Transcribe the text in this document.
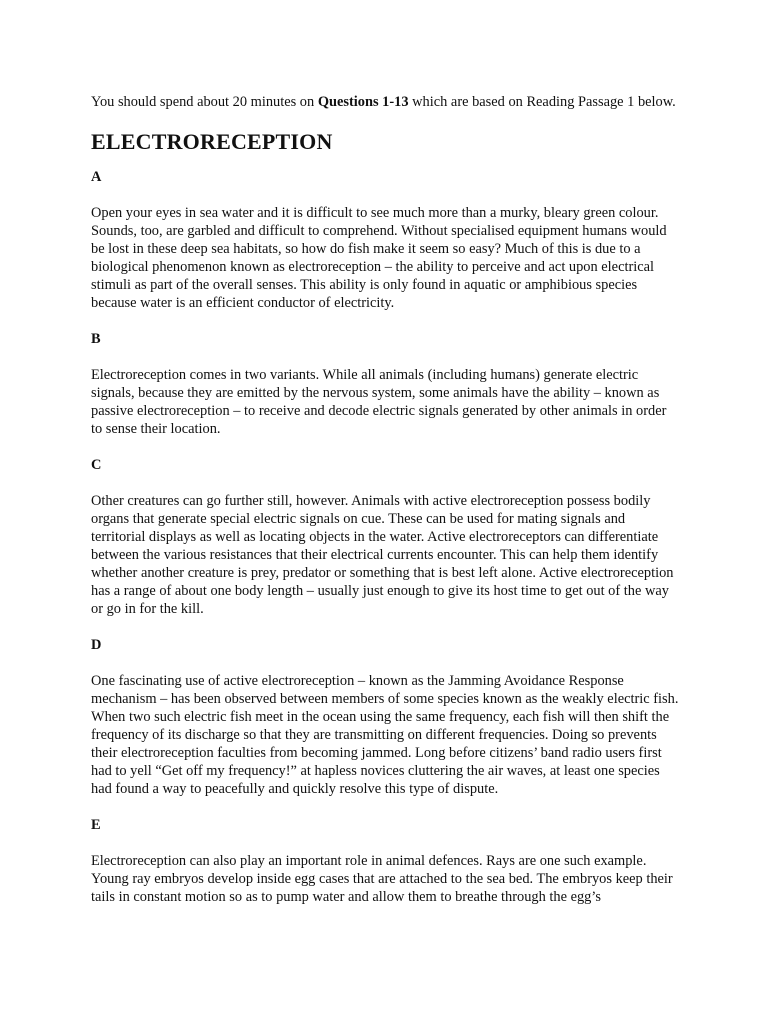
You should spend about 20 minutes on Questions 1-13 which are based on Reading Passage 1 below.
ELECTRORECEPTION
A

Open your eyes in sea water and it is difficult to see much more than a murky, bleary green colour. Sounds, too, are garbled and difficult to comprehend. Without specialised equipment humans would be lost in these deep sea habitats, so how do fish make it seem so easy? Much of this is due to a biological phenomenon known as electroreception – the ability to perceive and act upon electrical stimuli as part of the overall senses. This ability is only found in aquatic or amphibious species because water is an efficient conductor of electricity.

B

Electroreception comes in two variants. While all animals (including humans) generate electric signals, because they are emitted by the nervous system, some animals have the ability – known as passive electroreception – to receive and decode electric signals generated by other animals in order to sense their location.

C

Other creatures can go further still, however. Animals with active electroreception possess bodily organs that generate special electric signals on cue. These can be used for mating signals and territorial displays as well as locating objects in the water. Active electroreceptors can differentiate between the various resistances that their electrical currents encounter. This can help them identify whether another creature is prey, predator or something that is best left alone. Active electroreception has a range of about one body length – usually just enough to give its host time to get out of the way or go in for the kill.

D

One fascinating use of active electroreception – known as the Jamming Avoidance Response mechanism – has been observed between members of some species known as the weakly electric fish. When two such electric fish meet in the ocean using the same frequency, each fish will then shift the frequency of its discharge so that they are transmitting on different frequencies. Doing so prevents their electroreception faculties from becoming jammed. Long before citizens’ band radio users first had to yell “Get off my frequency!” at hapless novices cluttering the air waves, at least one species had found a way to peacefully and quickly resolve this type of dispute.

E

Electroreception can also play an important role in animal defences. Rays are one such example. Young ray embryos develop inside egg cases that are attached to the sea bed. The embryos keep their tails in constant motion so as to pump water and allow them to breathe through the egg’s
